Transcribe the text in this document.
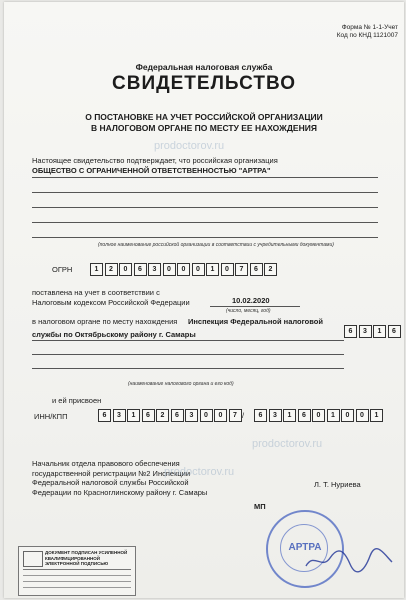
Форма № 1-1-Учет
Код по КНД 1121007
Федеральная налоговая служба
СВИДЕТЕЛЬСТВО
О ПОСТАНОВКЕ НА УЧЕТ РОССИЙСКОЙ ОРГАНИЗАЦИИ
В НАЛОГОВОМ ОРГАНЕ ПО МЕСТУ ЕЕ НАХОЖДЕНИЯ
prodoctorov.ru
Настоящее свидетельство подтверждает, что российская организация
ОБЩЕСТВО С ОГРАНИЧЕННОЙ ОТВЕТСТВЕННОСТЬЮ "АРТРА"
(полное наименование российской организации в соответствии с учредительными документами)
ОГРН	1	2	0	6	3	0	0	0	1	0	7	6	2
поставлена на учет в соответствии с
Налоговым кодексом Российской Федерации	10.02.2020
(число, месяц, год)
в налоговом органе по месту нахождения Инспекция Федеральной налоговой
службы по Октябрьскому району г. Самары	6	3	1	6
(наименование налогового органа и его код)
и ей присвоен
ИНН/КПП	6	3	1	6	2	6	3	0	0	7 /	6	3	1	6	0	1	0	0	1
prodoctorov.ru
Начальник отдела правового обеспечения
государственной регистрации №2 Инспекции
Федеральной налоговой службы Российской
Федерации по Красноглинскому району г. Самары
prodoctorov.ru
Л. Т. Нуриева
МП
АРТРА
ДОКУМЕНТ ПОДПИСАН УСИЛЕННОЙ КВАЛИФИЦИРОВАННОЙ ЭЛЕКТРОННОЙ ПОДПИСЬЮ
